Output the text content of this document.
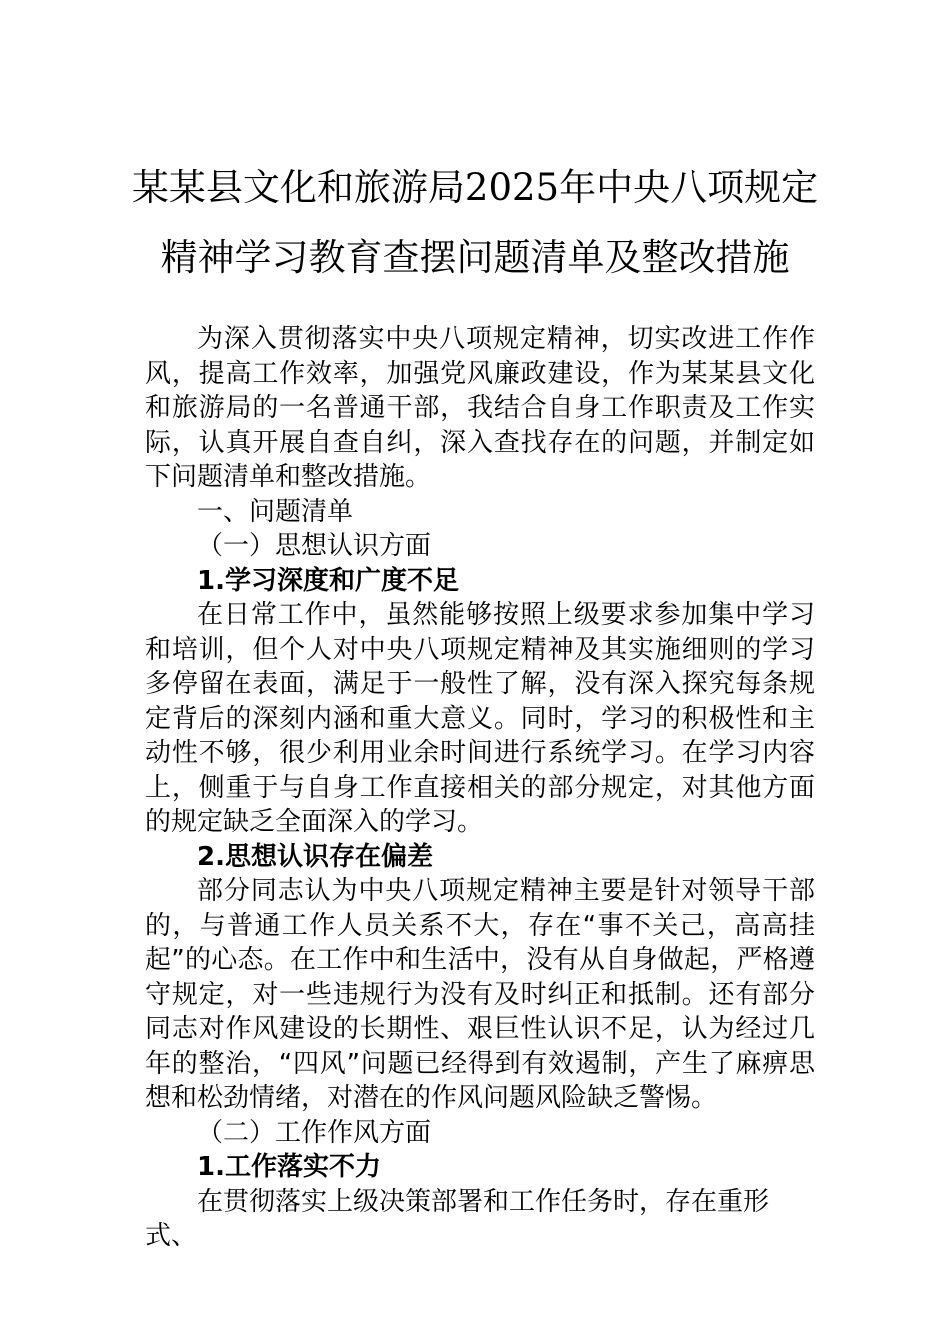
某某县文化和旅游局2025年中央八项规定
精神学习教育查摆问题清单及整改措施

为深入贯彻落实中央八项规定精神，切实改进工作作风，提高工作效率，加强党风廉政建设，作为某某县文化和旅游局的一名普通干部，我结合自身工作职责及工作实际，认真开展自查自纠，深入查找存在的问题，并制定如下问题清单和整改措施。

一、问题清单

（一）思想认识方面

1.学习深度和广度不足

在日常工作中，虽然能够按照上级要求参加集中学习和培训，但个人对中央八项规定精神及其实施细则的学习多停留在表面，满足于一般性了解，没有深入探究每条规定背后的深刻内涵和重大意义。同时，学习的积极性和主动性不够，很少利用业余时间进行系统学习。在学习内容上，侧重于与自身工作直接相关的部分规定，对其他方面的规定缺乏全面深入的学习。

2.思想认识存在偏差

部分同志认为中央八项规定精神主要是针对领导干部的，与普通工作人员关系不大，存在“事不关己，高高挂起”的心态。在工作中和生活中，没有从自身做起，严格遵守规定，对一些违规行为没有及时纠正和抵制。还有部分同志对作风建设的长期性、艰巨性认识不足，认为经过几年的整治，“四风”问题已经得到有效遏制，产生了麻痹思想和松劲情绪，对潜在的作风问题风险缺乏警惕。

（二）工作作风方面

1.工作落实不力

在贯彻落实上级决策部署和工作任务时，存在重形式、
